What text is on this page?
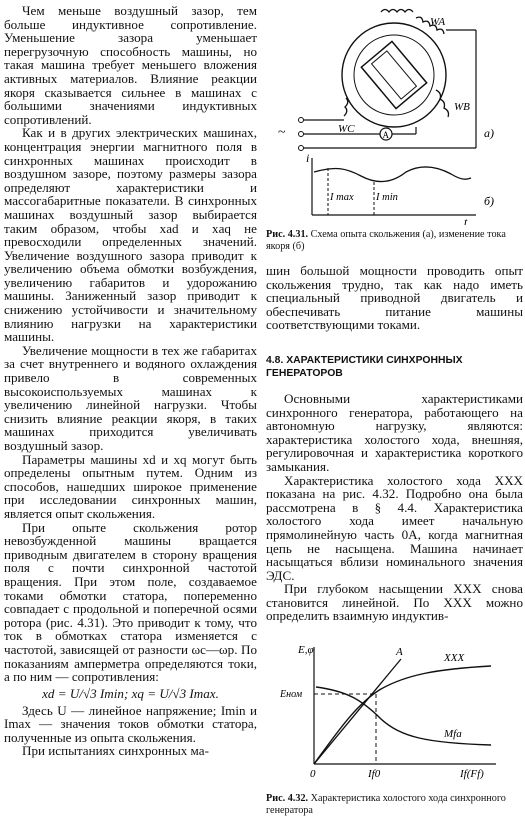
Чем меньше воздушный зазор, тем больше индуктивное сопротивление. Уменьшение зазора уменьшает перегрузочную способность машины, но такая машина требует меньшего вложения активных материалов. Влияние реакции якоря сказывается сильнее в машинах с большими значениями индуктивных сопротивлений.

Как и в других электрических машинах, концентрация энергии магнитного поля в синхронных машинах происходит в воздушном зазоре, поэтому размеры зазора определяют характеристики и массогабаритные показатели. В синхронных машинах воздушный зазор выбирается таким образом, чтобы xad и xaq не превосходили определенных значений. Увеличение воздушного зазора приводит к увеличению объема обмотки возбуждения, увеличению габаритов и удорожанию машины. Заниженный зазор приводит к снижению устойчивости и значительному влиянию нагрузки на характеристики машины.

Увеличение мощности в тех же габаритах за счет внутреннего и водяного охлаждения привело в современных высокоиспользуемых машинах к увеличению линейной нагрузки. Чтобы снизить влияние реакции якоря, в таких машинах приходится увеличивать воздушный зазор.

Параметры машины xd и xq могут быть определены опытным путем. Одним из способов, нашедших широкое применение при исследовании синхронных машин, является опыт скольжения.

При опыте скольжения ротор невозбужденной машины вращается приводным двигателем в сторону вращения поля с почти синхронной частотой вращения. При этом поле, создаваемое токами обмотки статора, попеременно совпадает с продольной и поперечной осями ротора (рис. 4.31). Это приводит к тому, что ток в обмотках статора изменяется с частотой, зависящей от разности ωс—ωр. По показаниям амперметра определяются токи, а по ним — сопротивления:

xd = U/√3 Imin; xq = U/√3 Imax.

Здесь U — линейное напряжение; Imin и Imax — значения токов обмотки статора, полученные из опыта скольжения.

При испытаниях синхронных ма-

WA
WB
WC	A
~	а)
i
t
I max I min	б)

Рис. 4.31. Схема опыта скольжения (а), изменение тока якоря (б)

шин большой мощности проводить опыт скольжения трудно, так как надо иметь специальный приводной двигатель и обеспечивать питание машины соответствующими токами.

4.8. ХАРАКТЕРИСТИКИ СИНХРОННЫХ ГЕНЕРАТОРОВ

Основными характеристиками синхронного генератора, работающего на автономную нагрузку, являются: характеристика холостого хода, внешняя, регулировочная и характеристика короткого замыкания.

Характеристика холостого хода XXX показана на рис. 4.32. Подробно она была рассмотрена в § 4.4. Характеристика холостого хода имеет начальную прямолинейную часть 0А, когда магнитная цепь не насыщена. Машина начинает насыщаться вблизи номинального значения ЭДС.

При глубоком насыщении XXX снова становится линейной. По XXX можно определить взаимную индуктив-

E,φ
Eном
A	XXX
Mfa
0	If0	If(Ff)

Рис. 4.32. Характеристика холостого хода синхронного генератора
